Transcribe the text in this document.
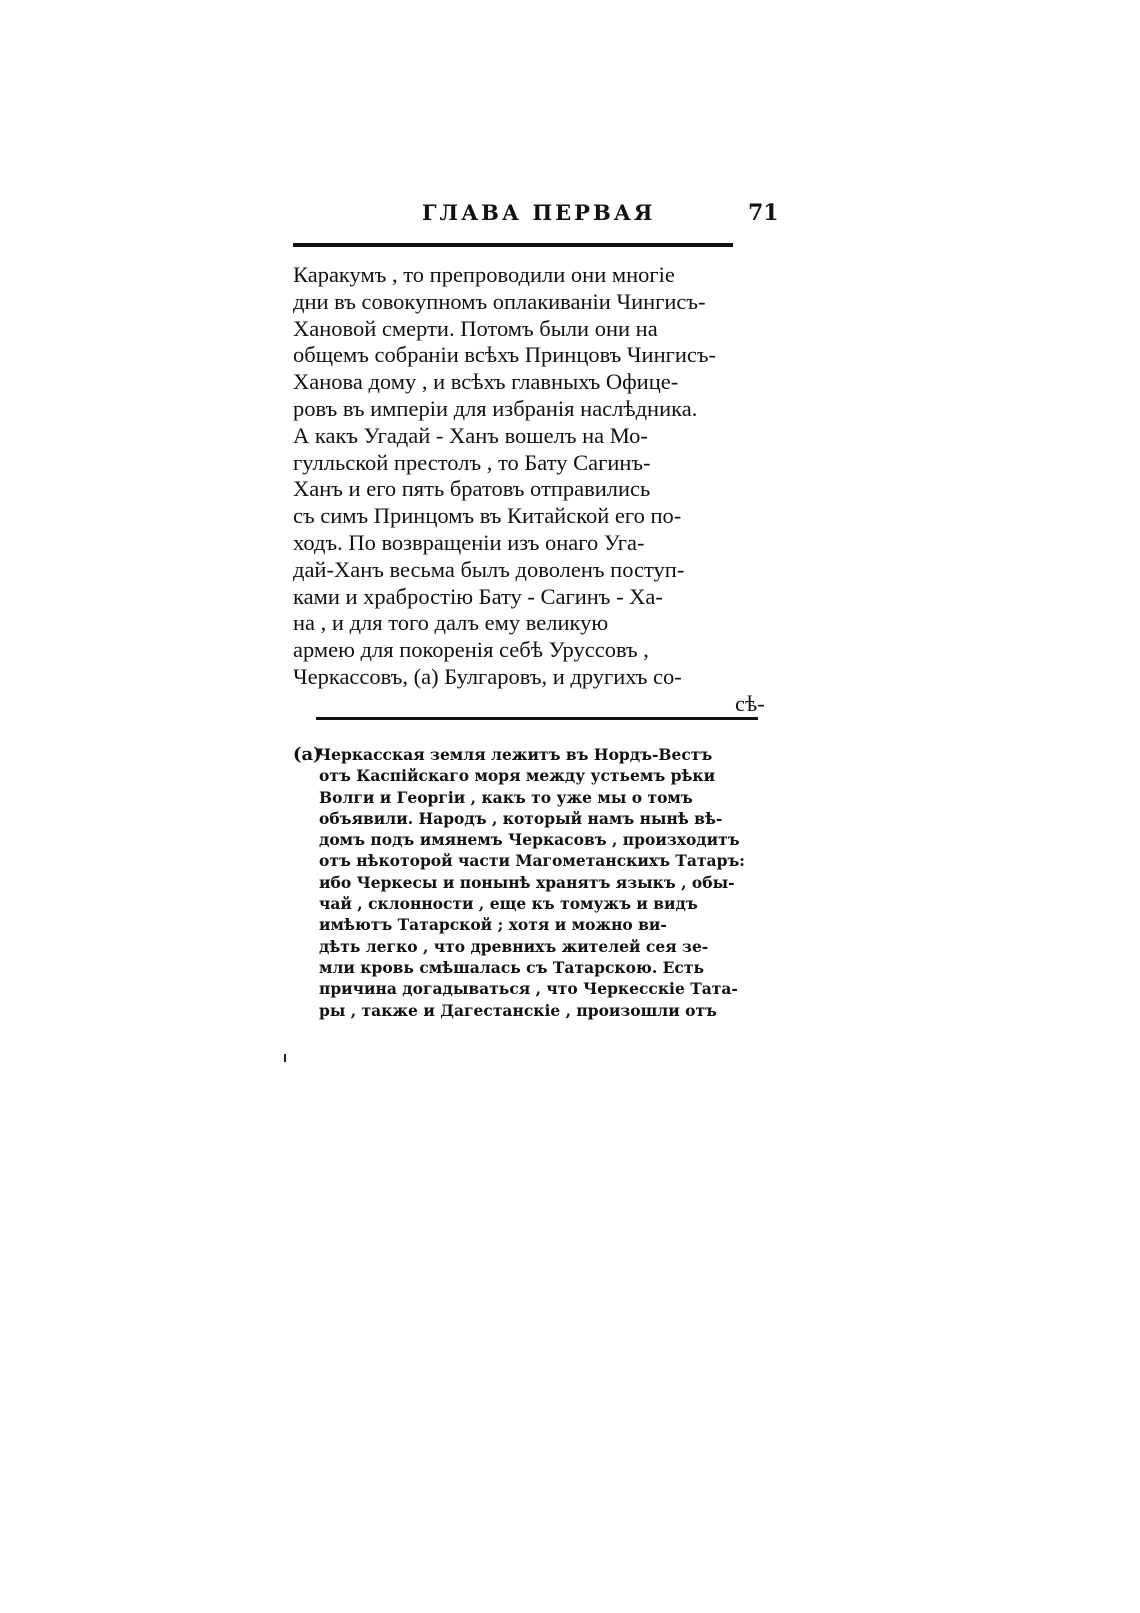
ГЛАВА ПЕРВАЯ	71
Каракумъ , то препроводили они многiе
дни въ совокупномъ оплакиванiи Чингисъ-
Хановой смерти. Потомъ были они на
общемъ собранiи всѣхъ Принцовъ Чингисъ-
Ханова дому , и всѣхъ главныхъ Офице-
ровъ въ имперiи для избранiя наслѣдника.
А какъ Угадай - Ханъ вошелъ на Мо-
гулльской престолъ , то Бату Сагинъ-
Ханъ и его пять братовъ отправились
съ симъ Принцомъ въ Китайской его по-
ходъ. По возвращенiи изъ онаго Уга-
дай-Ханъ весьма былъ доволенъ поступ-
ками и храбростiю Бату - Сагинъ - Ха-
на , и для того далъ ему великую
армею для покоренiя себѣ Уруссовъ ,
Черкассовъ, (а) Булгаровъ, и другихъ со-
сѣ-
(а)Черкасская земля лежитъ въ Нордъ-Вестъ
отъ Каспiйскаго моря между устьемъ рѣки
Волги и Георгiи , какъ то уже мы о томъ
объявили. Народъ , который намъ нынѣ вѣ-
домъ подъ имянемъ Черкасовъ , произходитъ
отъ нѣкоторой части Магометанскихъ Татаръ:
ибо Черкесы и понынѣ хранятъ языкъ , обы-
чай , склонности , еще къ томужъ и видъ
имѣютъ Татарской ; хотя и можно ви-
дѣть легко , что древнихъ жителей сея зе-
мли кровь смѣшалась съ Татарскою. Есть
причина догадываться , что Черкесскiе Тата-
ры , также и Дагестанскiе , произошли отъ
